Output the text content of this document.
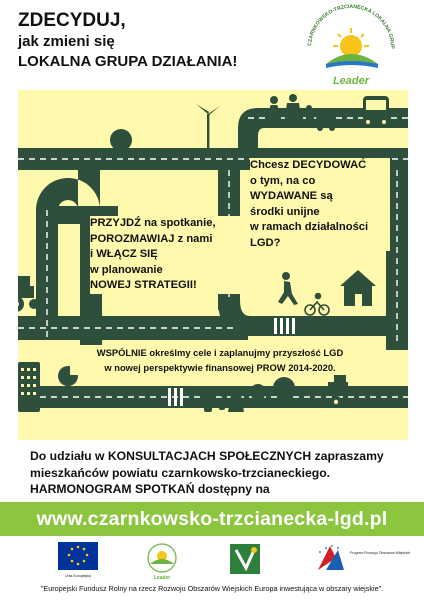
ZDECYDUJ,
jak zmieni się
LOKALNA GRUPA DZIAŁANIA!
CZARNKOWSKO-TRZCIANECKA LOKALNA GRUP
Leader
Chcesz DECYDOWAĆ
o tym, na co
WYDAWANE są
środki unijne
w ramach działalności
LGD?
PRZYJDŹ na spotkanie,
POROZMAWIAJ z nami
i WŁĄCZ SIĘ
w planowanie
NOWEJ STRATEGII!
WSPÓLNIE określmy cele i zaplanujmy przyszłość LGD
w nowej perspektywie finansowej PROW 2014-2020.
Do udziału w KONSULTACJACH SPOŁECZNYCH zapraszamy
mieszkańców powiatu czarnkowsko-trzcianeckiego.
HARMONOGRAM SPOTKAŃ dostępny na
www.czarnkowsko-trzcianecka-lgd.pl
Unia Europejska	Leader
Program Rozwoju Obszarów Wiejskich
"Europejski Fundusz Rolny na rzecz Rozwoju Obszarów Wiejskich Europa inwestująca w obszary wiejskie".
